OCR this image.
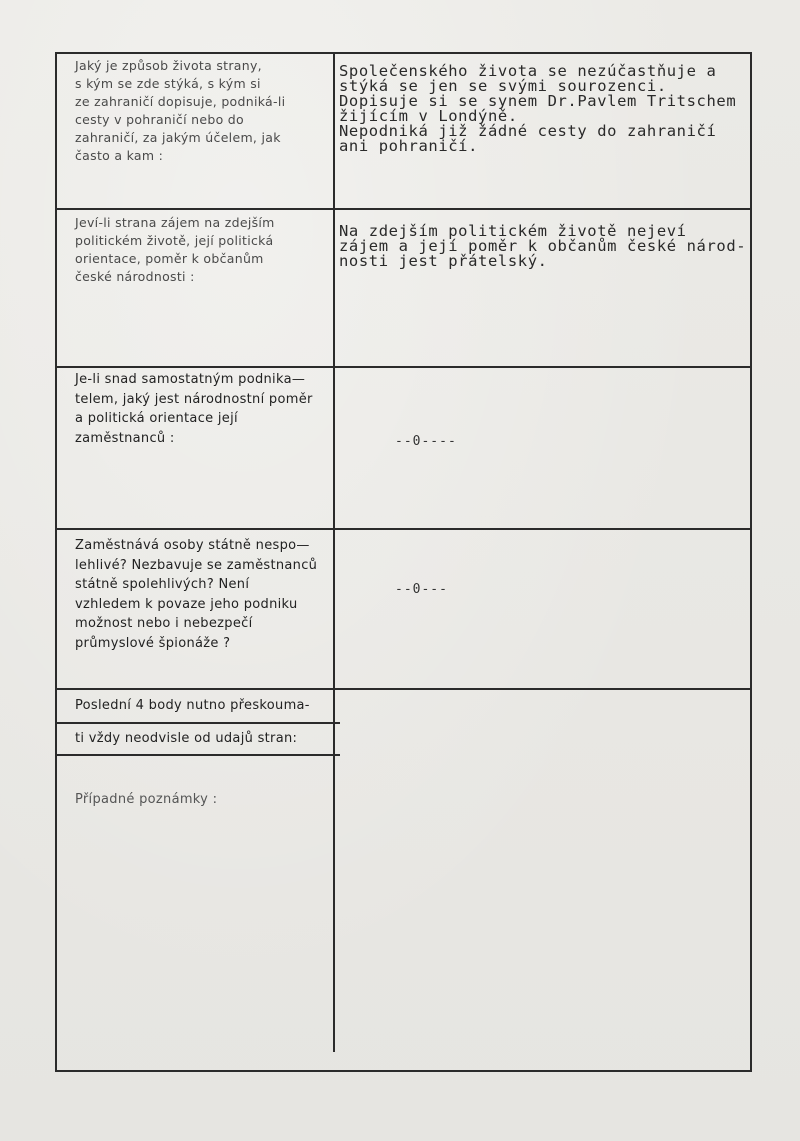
Jaký je způsob života strany,
s kým se zde stýká, s kým si
ze zahraničí dopisuje, podniká-li
cesty v pohraničí nebo do
zahraničí, za jakým účelem, jak
často a kam :
Společenského života se nezúčastňuje a
stýká se jen se svými sourozenci.
Dopisuje si se synem Dr.Pavlem Tritschem
žijícím v Londýně.
Nepodniká již žádné cesty do zahraničí
ani pohraničí.
Jeví-li strana zájem na zdejším
politickém životě, její politická
orientace, poměr k občanům
české národnosti :
Na zdejším politickém životě nejeví
zájem a její poměr k občanům české národ-
nosti jest přátelský.
Je-li snad samostatným podnika—
telem, jaký jest národnostní poměr
a politická orientace její
zaměstnanců :	--0----
Zaměstnává osoby státně nespo—
lehlivé? Nezbavuje se zaměstnanců
státně spolehlivých? Není
vzhledem k povaze jeho podniku
možnost nebo i nebezpečí
průmyslové špionáže ?
--0---
Poslední 4 body nutno přeskouma-
ti vždy neodvisle od udajů stran:
Případné poznámky :
